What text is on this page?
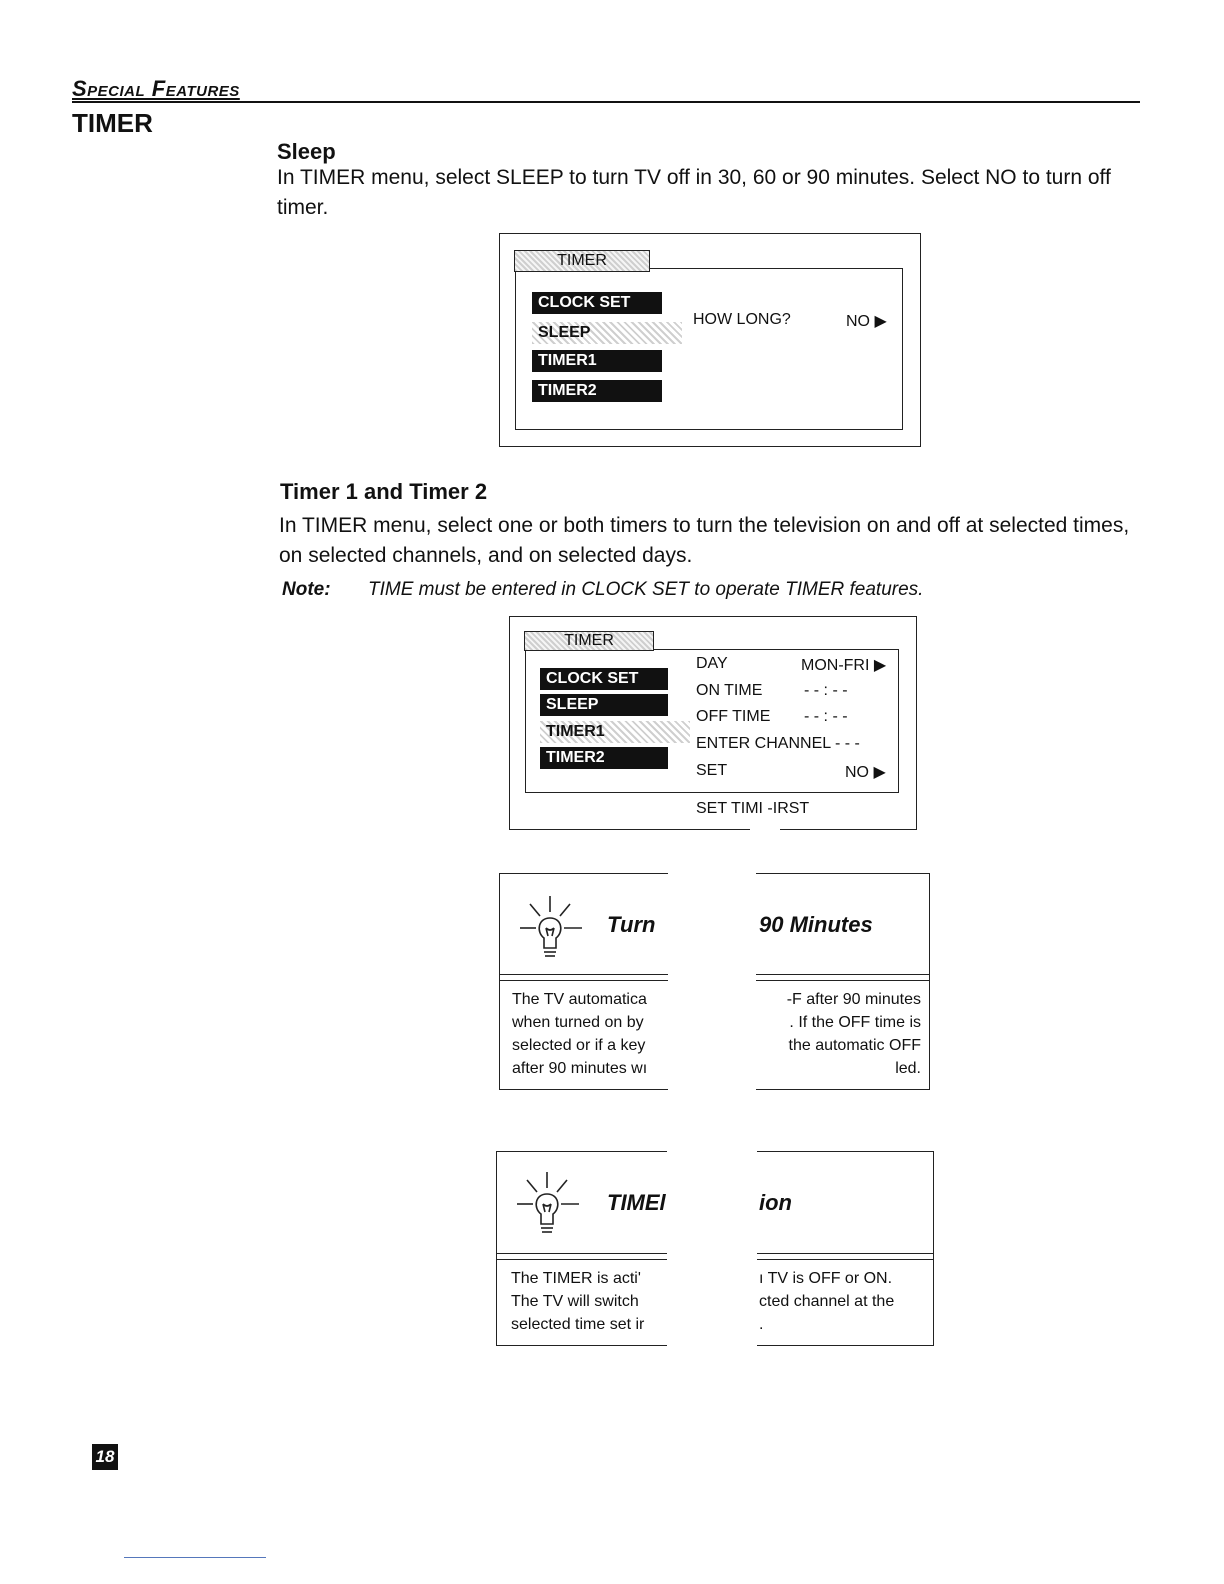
Special Features
TIMER
Sleep
In TIMER menu, select SLEEP to turn TV off in 30, 60 or 90 minutes. Select NO to turn off timer.
TIMER
CLOCK SET
SLEEP
TIMER1
TIMER2
HOW LONG?	NO ▶
Timer 1 and Timer 2
In TIMER menu, select one or both timers to turn the television on and off at selected times, on selected channels, and on selected days.
Note: TIME must be entered in CLOCK SET to operate TIMER features.
TIMER
CLOCK SET
SLEEP
TIMER1
TIMER2
DAY	MON-FRI ▶
ON TIME	- - : - -
OFF TIME - - : - -
ENTER CHANNEL - - -
SET	NO ▶
SET TIMI ‐IRST
Turn	90 Minutes
The TV automaticа
when turned on by
selected or if a key
after 90 minutes wı
‐F after 90 minutes
. If the OFF time is
the automatic OFF
led.
TIMEl	ion
The TIMER is acti'
The TV will switch
selected time set ir
ı TV is OFF or ON.
cted channel at the
.
18
